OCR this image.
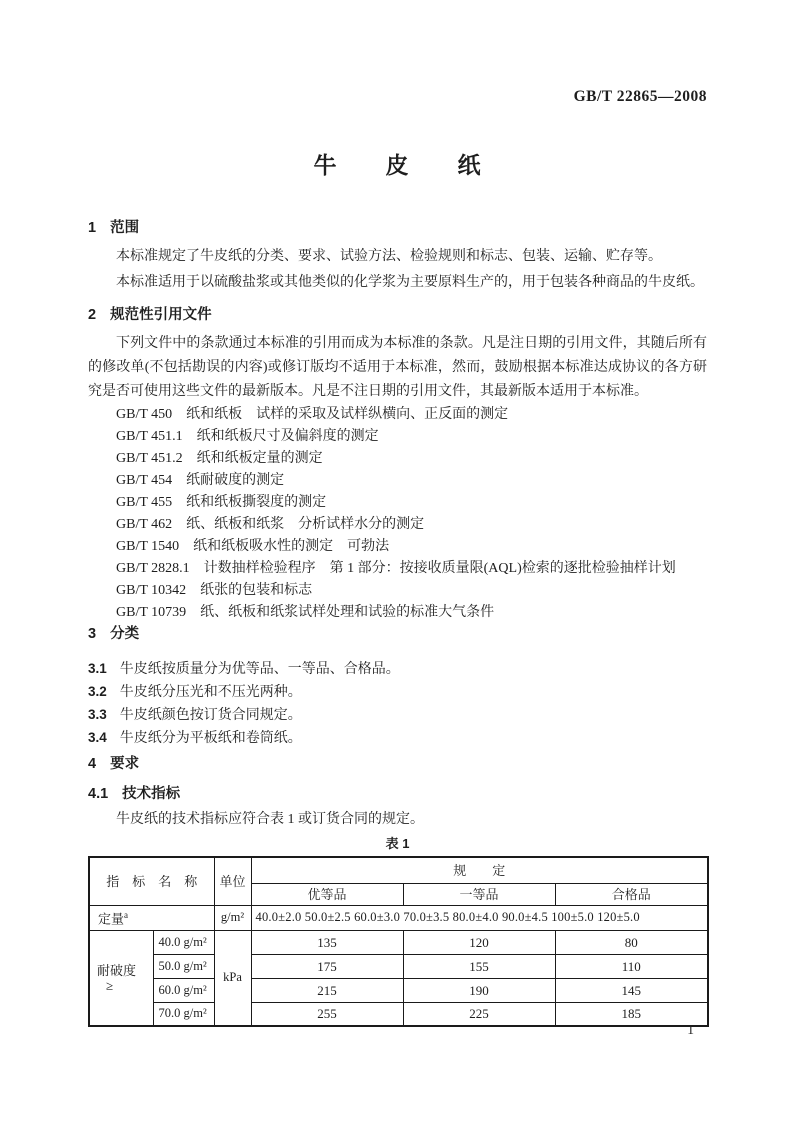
GB/T 22865—2008
牛　　皮　　纸
1 范围

本标准规定了牛皮纸的分类、要求、试验方法、检验规则和标志、包装、运输、贮存等。

本标准适用于以硫酸盐浆或其他类似的化学浆为主要原料生产的，用于包装各种商品的牛皮纸。

2 规范性引用文件

下列文件中的条款通过本标准的引用而成为本标准的条款。凡是注日期的引用文件，其随后所有的修改单(不包括勘误的内容)或修订版均不适用于本标准，然而，鼓励根据本标准达成协议的各方研究是否可使用这些文件的最新版本。凡是不注日期的引用文件，其最新版本适用于本标准。

GB/T 450　纸和纸板　试样的采取及试样纵横向、正反面的测定
GB/T 451.1　纸和纸板尺寸及偏斜度的测定
GB/T 451.2　纸和纸板定量的测定
GB/T 454　纸耐破度的测定
GB/T 455　纸和纸板撕裂度的测定
GB/T 462　纸、纸板和纸浆　分析试样水分的测定
GB/T 1540　纸和纸板吸水性的测定　可勃法
GB/T 2828.1　计数抽样检验程序　第 1 部分：按接收质量限(AQL)检索的逐批检验抽样计划
GB/T 10342　纸张的包装和标志
GB/T 10739　纸、纸板和纸浆试样处理和试验的标准大气条件
3 分类
3.1 牛皮纸按质量分为优等品、一等品、合格品。
3.2 牛皮纸分压光和不压光两种。
3.3 牛皮纸颜色按订货合同规定。
3.4 牛皮纸分为平板纸和卷筒纸。
4 要求
4.1 技术指标

牛皮纸的技术指标应符合表 1 或订货合同的规定。

表 1
指　标　名　称		单位	规　　定		
			优等品	一等品	合格品
定量$^a$		g/m²	40.0±2.0 50.0±2.5 60.0±3.0 70.0±3.5 80.0±4.0 90.0±4.5 100±5.0 120±5.0		
耐破度≥	40.0 g/m²	kPa	135	120	80
	50.0 g/m²		175	155	110
	60.0 g/m²		215	190	145
	70.0 g/m²		255	225	185
1
